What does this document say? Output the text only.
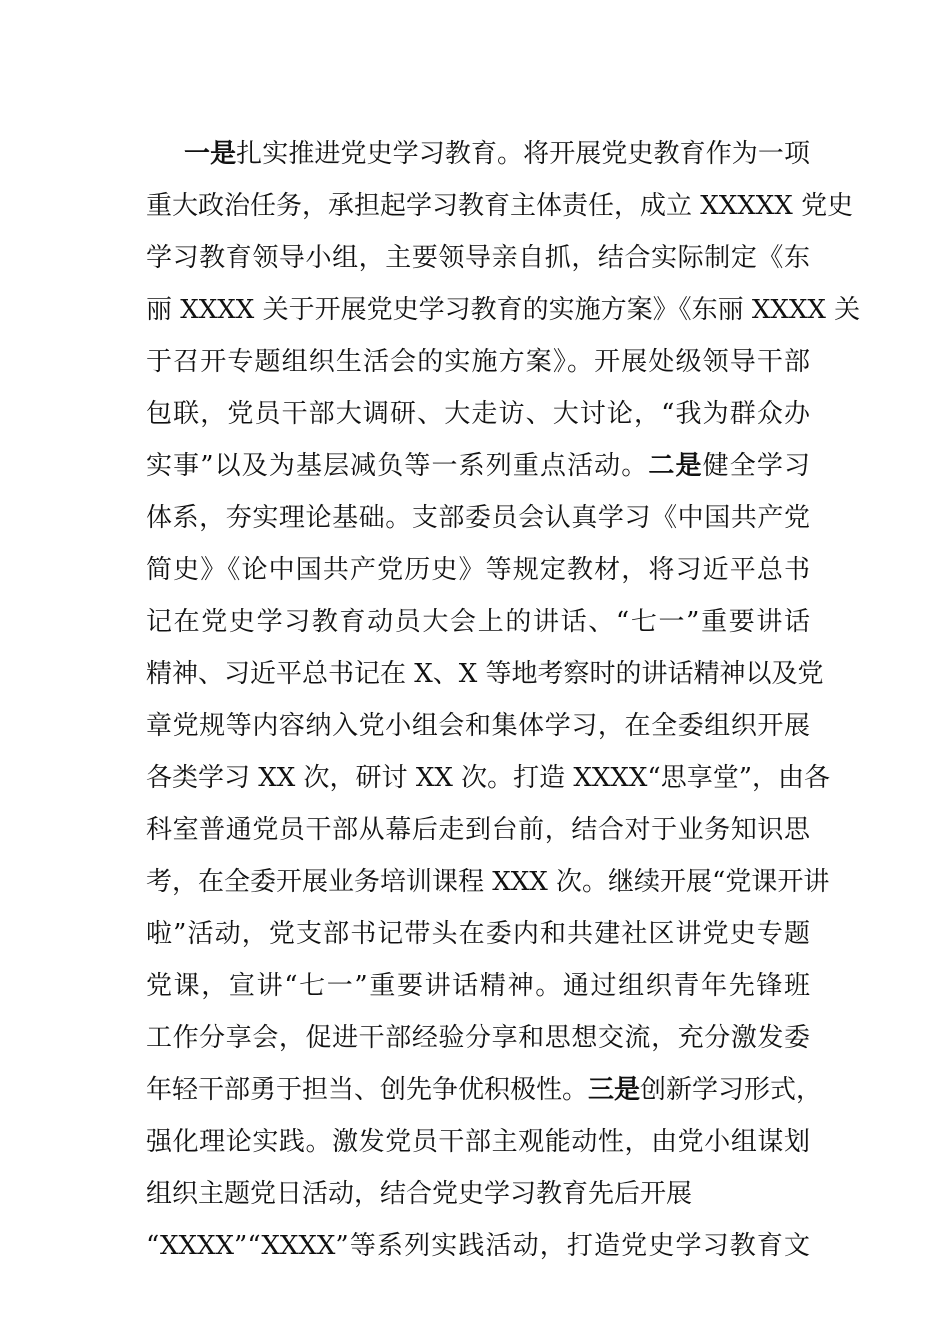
一是扎实推进党史学习教育。将开展党史教育作为一项
重大政治任务，承担起学习教育主体责任，成立 XXXXX 党史
学习教育领导小组，主要领导亲自抓，结合实际制定《东
丽 XXXX 关于开展党史学习教育的实施方案》《东丽 XXXX 关
于召开专题组织生活会的实施方案》。开展处级领导干部
包联，党员干部大调研、大走访、大讨论，“我为群众办
实事”以及为基层减负等一系列重点活动。二是健全学习
体系，夯实理论基础。支部委员会认真学习《中国共产党
简史》《论中国共产党历史》等规定教材，将习近平总书
记在党史学习教育动员大会上的讲话、“七一”重要讲话
精神、习近平总书记在 X、X 等地考察时的讲话精神以及党
章党规等内容纳入党小组会和集体学习，在全委组织开展
各类学习 XX 次，研讨 XX 次。打造 XXXX“思享堂”，由各
科室普通党员干部从幕后走到台前，结合对于业务知识思
考，在全委开展业务培训课程 XXX 次。继续开展“党课开讲
啦”活动，党支部书记带头在委内和共建社区讲党史专题
党课，宣讲“七一”重要讲话精神。通过组织青年先锋班
工作分享会，促进干部经验分享和思想交流，充分激发委
年轻干部勇于担当、创先争优积极性。三是创新学习形式，
强化理论实践。激发党员干部主观能动性，由党小组谋划
组织主题党日活动，结合党史学习教育先后开展
“XXXX”“XXXX”等系列实践活动，打造党史学习教育文
